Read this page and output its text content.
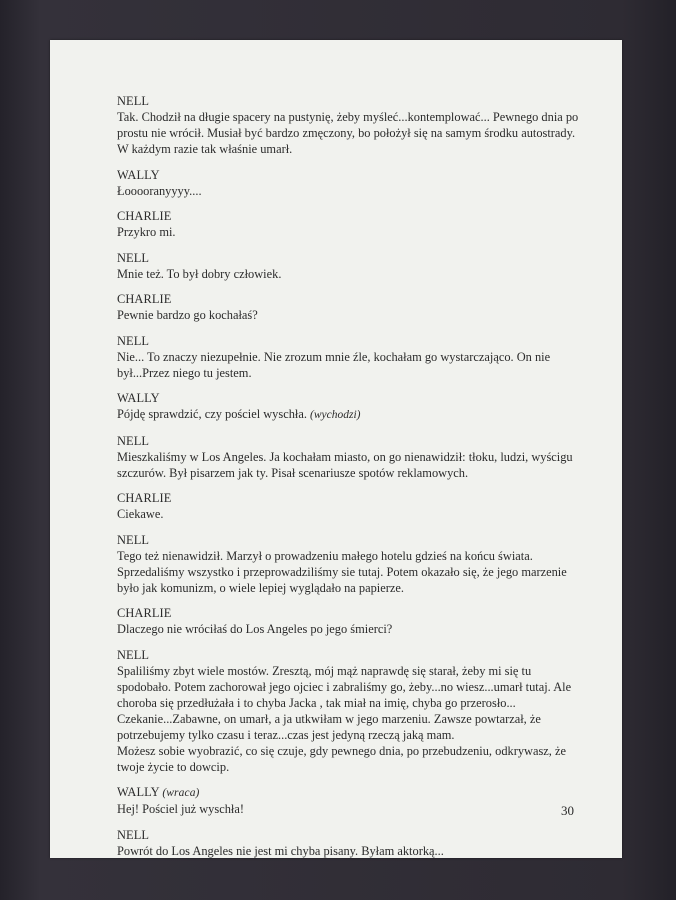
NELL
Tak. Chodził na długie spacery na pustynię, żeby myśleć...kontemplować... Pewnego dnia po prostu nie wrócił. Musiał być bardzo zmęczony, bo położył się na samym środku autostrady. W każdym razie tak właśnie umarł.
WALLY
Łooooranyyyy....
CHARLIE
Przykro mi.
NELL
Mnie też. To był dobry człowiek.
CHARLIE
Pewnie bardzo go kochałaś?
NELL
Nie... To znaczy niezupełnie. Nie zrozum mnie źle, kochałam go wystarczająco. On nie był...Przez niego tu jestem.
WALLY
Pójdę sprawdzić, czy pościel wyschła. (wychodzi)
NELL
Mieszkaliśmy w Los Angeles. Ja kochałam miasto, on go nienawidził: tłoku, ludzi, wyścigu szczurów. Był pisarzem jak ty. Pisał scenariusze spotów reklamowych.
CHARLIE
Ciekawe.
NELL
Tego też nienawidził. Marzył o prowadzeniu małego hotelu gdzieś na końcu świata. Sprzedaliśmy wszystko i przeprowadziliśmy sie tutaj. Potem okazało się, że jego marzenie było jak komunizm, o wiele lepiej wyglądało na papierze.
CHARLIE
Dlaczego nie wróciłaś do Los Angeles po jego śmierci?
NELL
Spaliliśmy zbyt wiele mostów. Zresztą, mój mąż naprawdę się starał, żeby mi się tu spodobało. Potem zachorował jego ojciec i zabraliśmy go, żeby...no wiesz...umarł tutaj. Ale choroba się przedłużała i to chyba Jacka , tak miał na imię, chyba go przerosło... Czekanie...Zabawne, on umarł, a ja utkwiłam w jego marzeniu. Zawsze powtarzał, że potrzebujemy tylko czasu i teraz...czas jest jedyną rzeczą jaką mam.
Możesz sobie wyobrazić, co się czuje, gdy pewnego dnia, po przebudzeniu, odkrywasz, że twoje życie to dowcip.
WALLY (wraca)
Hej! Pościel już wyschła!
NELL
Powrót do Los Angeles nie jest mi chyba pisany. Byłam aktorką...
30
